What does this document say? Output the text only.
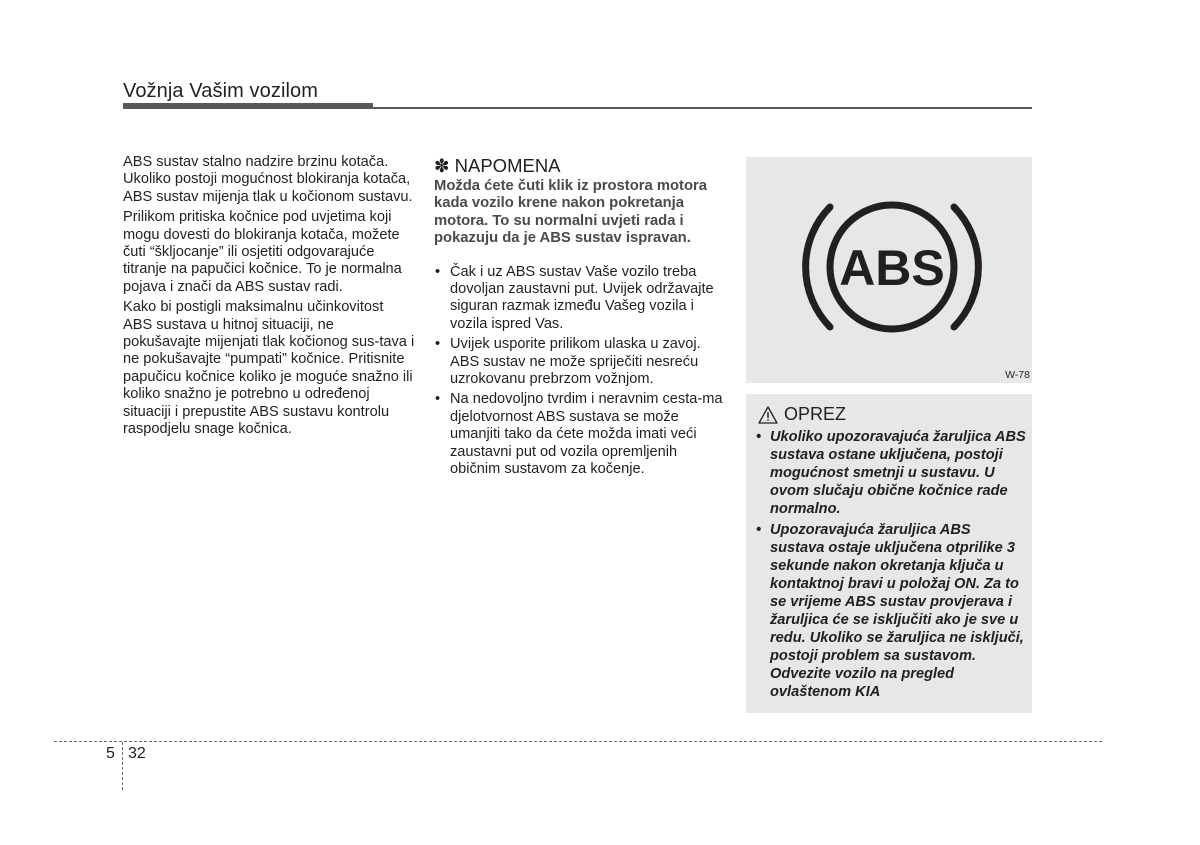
Vožnja Vašim vozilom

ABS sustav stalno nadzire brzinu kotača. Ukoliko postoji mogućnost blokiranja kotača, ABS sustav mijenja tlak u kočionom sustavu.

Prilikom pritiska kočnice pod uvjetima koji mogu dovesti do blokiranja kotača, možete čuti “škljocanje” ili osjetiti odgovarajuće titranje na papučici kočnice. To je normalna pojava i znači da ABS sustav radi.

Kako bi postigli maksimalnu učinkovitost ABS sustava u hitnoj situaciji, ne pokušavajte mijenjati tlak kočionog sus-tava i ne pokušavajte “pumpati” kočnice. Pritisnite papučicu kočnice koliko je moguće snažno ili koliko snažno je potrebno u određenoj situaciji i prepustite ABS sustavu kontrolu raspodjelu snage kočnica.

✽ NAPOMENA
Možda ćete čuti klik iz prostora motora kada vozilo krene nakon pokretanja motora. To su normalni uvjeti rada i pokazuju da je ABS sustav ispravan.
• Čak i uz ABS sustav Vaše vozilo treba dovoljan zaustavni put. Uvijek održavajte siguran razmak između Vašeg vozila i vozila ispred Vas.
• Uvijek usporite prilikom ulaska u zavoj. ABS sustav ne može spriječiti nesreću uzrokovanu prebrzom vožnjom.
• Na nedovoljno tvrdim i neravnim cesta-ma djelotvornost ABS sustava se može umanjiti tako da ćete možda imati veći zaustavni put od vozila opremljenih običnim sustavom za kočenje.
ABS
W-78
OPREZ
• Ukoliko upozoravajuća žaruljica ABS sustava ostane uključena, postoji mogućnost smetnji u sustavu. U ovom slučaju obične kočnice rade normalno.
• Upozoravajuća žaruljica ABS sustava ostaje uključena otprilike 3 sekunde nakon okretanja ključa u kontaktnoj bravi u položaj ON. Za to se vrijeme ABS sustav provjerava i žaruljica će se isključiti ako je sve u redu. Ukoliko se žaruljica ne isključi, postoji problem sa sustavom. Odvezite vozilo na pregled ovlaštenom KIA
5 32
